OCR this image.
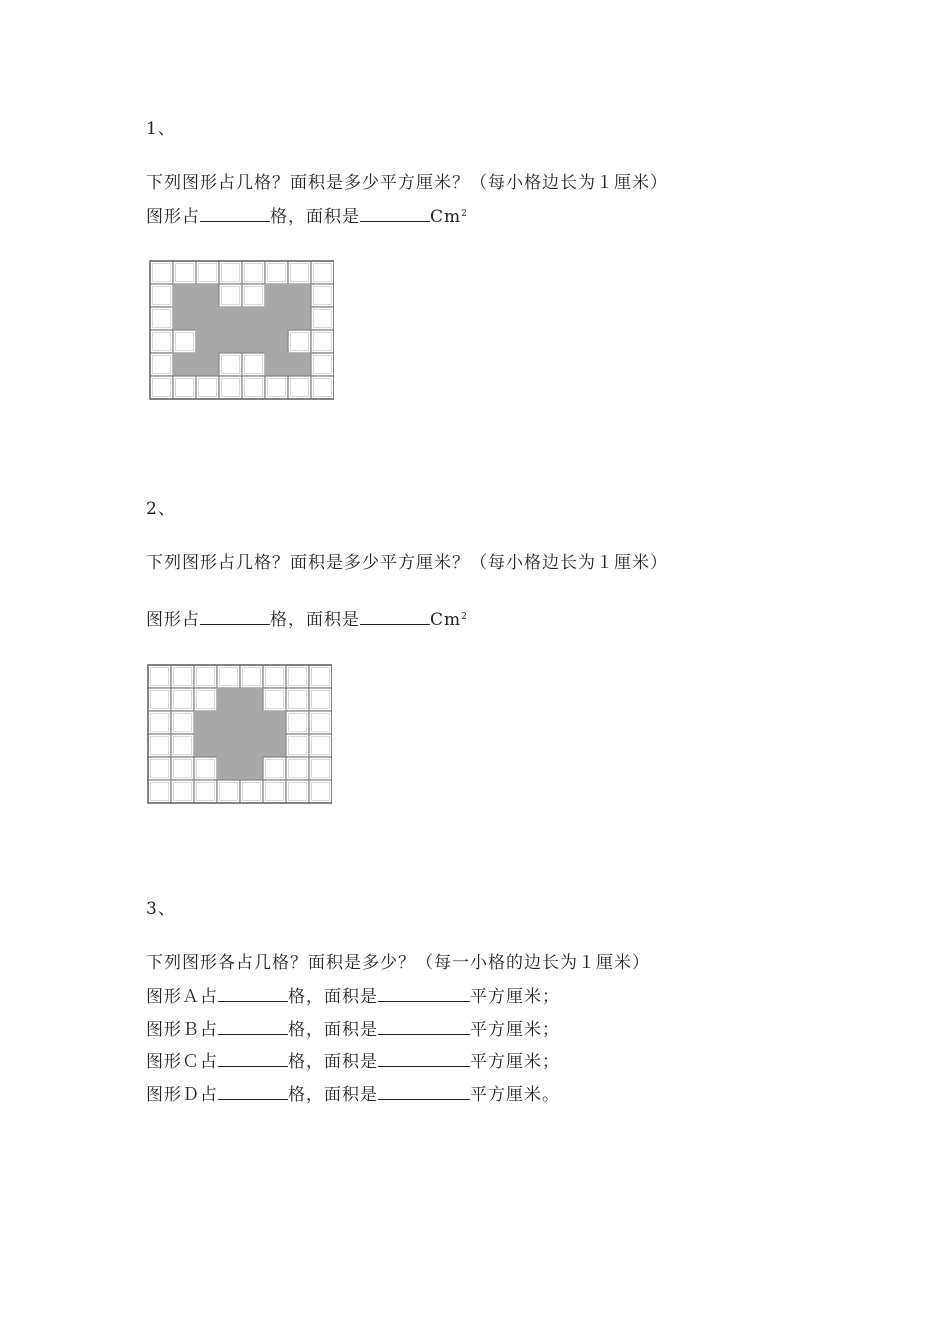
1、
下列图形占几格？面积是多少平方厘米？（每小格边长为１厘米）
图形占	格，面积是	Cm$^2$
2、
下列图形占几格？面积是多少平方厘米？（每小格边长为１厘米）
图形占	格，面积是	Cm$^2$
3、
下列图形各占几格？面积是多少？（每一小格的边长为１厘米）
图形Ａ占	格，面积是	平方厘米；
图形Ｂ占	格，面积是	平方厘米；
图形Ｃ占	格，面积是	平方厘米；
图形Ｄ占	格，面积是	平方厘米。
